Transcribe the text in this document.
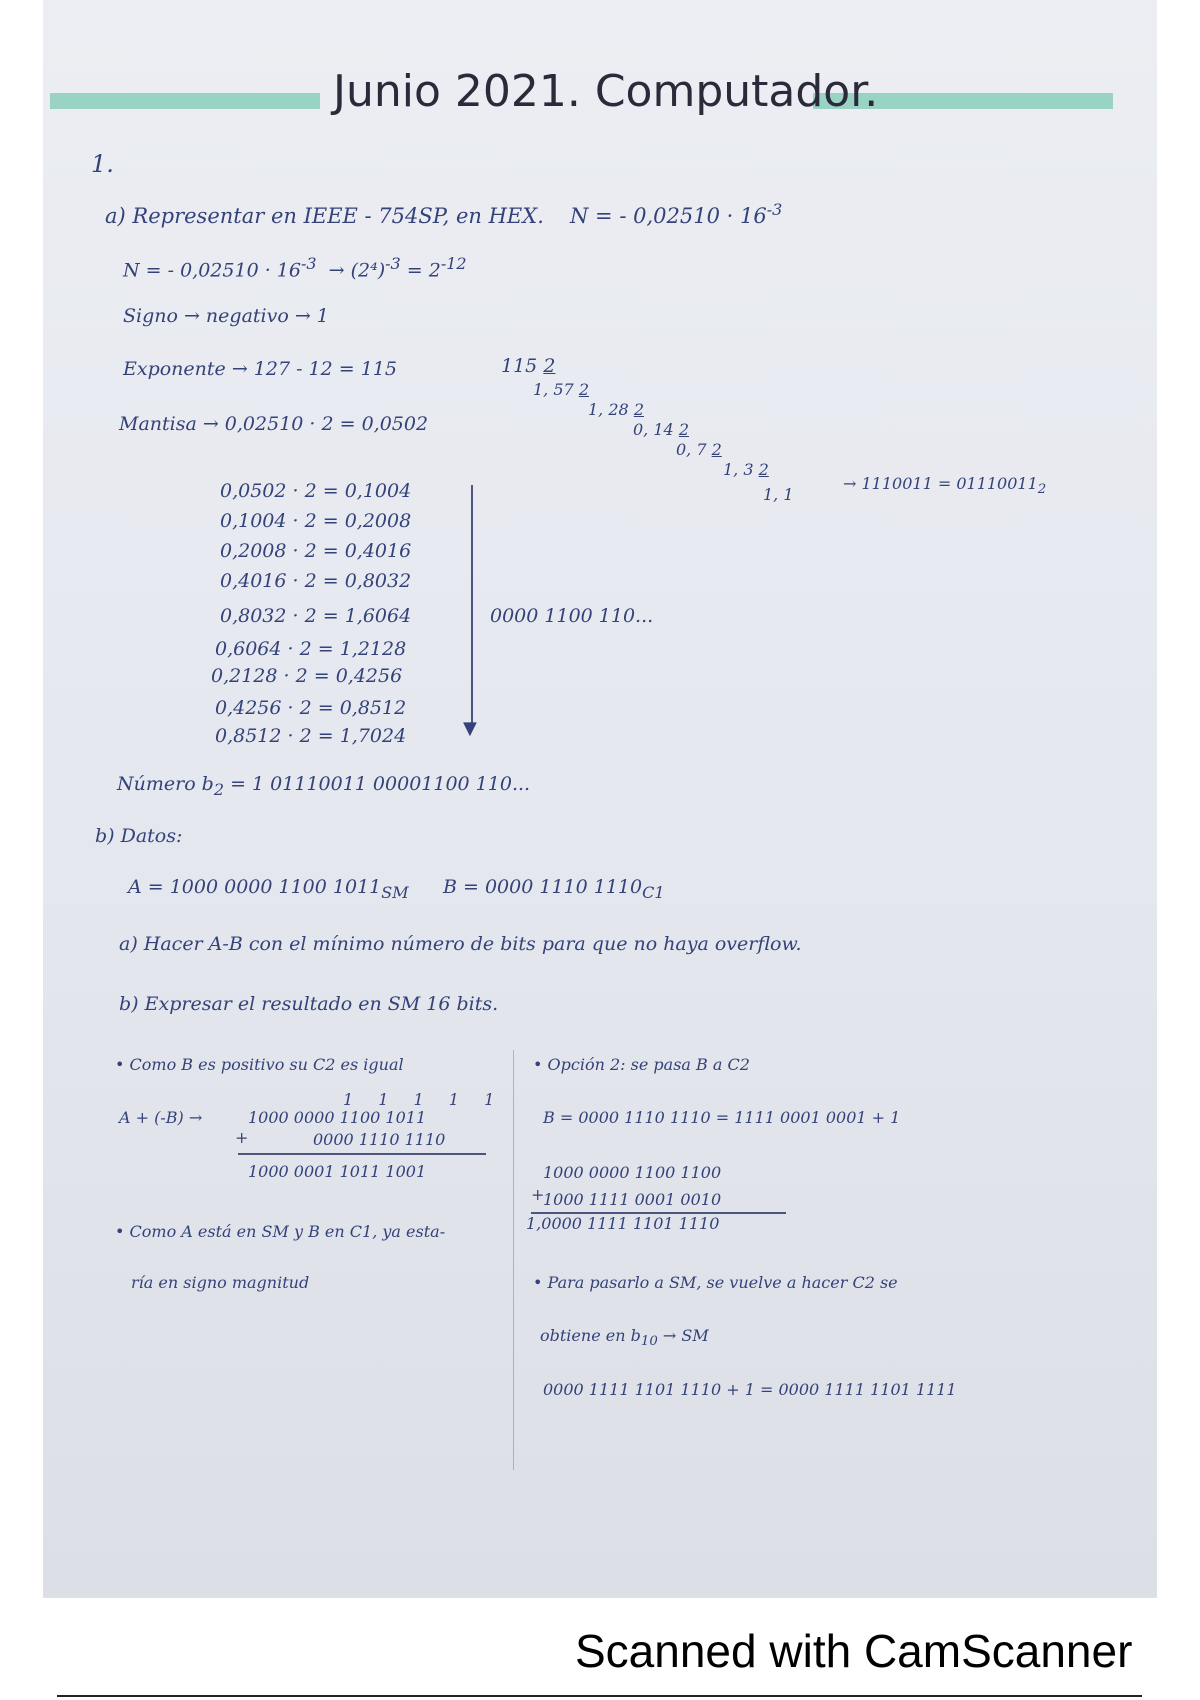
Junio 2021. Computador.
1.
a) Representar en IEEE - 754SP, en HEX. N = - $0,02510 \cdot 16^{-3}$
N = - $0,02510 \cdot 16^{-3} \to (2^4)^{-3} = 2^{-12}$
Signo → negativo → 1
Exponente → 127 - 12 = 115
Mantisa → 0,02510 · 2 = 0,0502
115 2
1, 57 2
1, 28 2
0, 14 2
0, 7 2
1, 3 2
1, 1
→ $1110011 = 01110011_2$
0,0502 · 2 = 0,1004
0,1004 · 2 = 0,2008
0,2008 · 2 = 0,4016
0,4016 · 2 = 0,8032
0,8032 · 2 = 1,6064
0,6064 · 2 = 1,2128
0,2128 · 2 = 0,4256
0,4256 · 2 = 0,8512
0,8512 · 2 = 1,7024	▼
0000 1100 110...
Número $b_2 = 1$ 01110011 00001100 110...
b) Datos:
A = 1000 0000 1100 $1011_{SM}$ B = 0000 1110 $1110_{C1}$
a) Hacer A-B con el mínimo número de bits para que no haya overflow.
b) Expresar el resultado en SM 16 bits.
• Como B es positivo su C2 es igual
1 1 1 1 1
A + (-B) →	1000 0000 1100 1011
+	0000 1110 1110
1000 0001 1011 1001
• Como A está en SM y B en C1, ya esta-
ría en signo magnitud
• Opción 2: se pasa B a C2
B = 0000 1110 1110 = 1111 0001 0001 + 1
1000 0000 1100 1100
+
1000 1111 0001 0010
1,0000 1111 1101 1110
• Para pasarlo a SM, se vuelve a hacer C2 se
obtiene en $b_{10}$ → SM
0000 1111 1101 1110 + 1 = 0000 1111 1101 1111
Scanned with CamScanner
